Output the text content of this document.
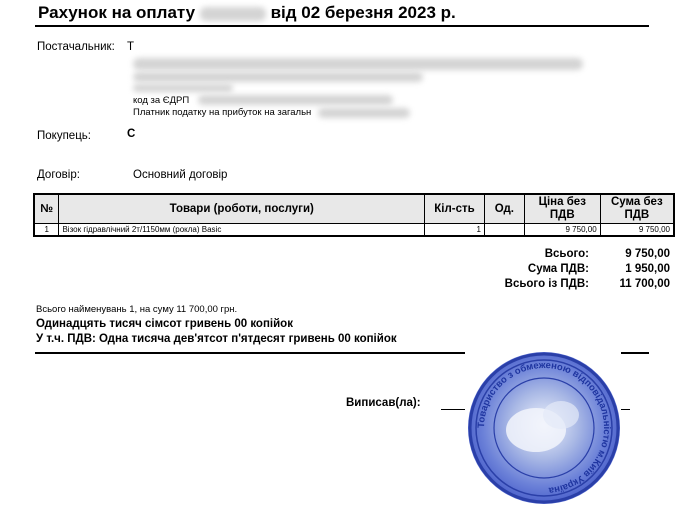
Рахунок на оплату	від 02 березня 2023 р.
Постачальник: Т
код за ЄДРП
Платник податку на прибуток на загальн
Покупець:	С
Договір:	Основний договір
№	Товари (роботи, послуги)	Кіл-сть	Од.	Ціна без ПДВ	Сума без ПДВ
1	Візок гідравлічний 2т/1150мм (рокла) Basic	1		9 750,00	9 750,00
Всього:	9 750,00
Сума ПДВ:	1 950,00
Всього із ПДВ:	11 700,00
Всього найменувань 1, на суму 11 700,00 грн.
Одинадцять тисяч сімсот гривень 00 копійок
У т.ч. ПДВ: Одна тисяча дев'ятсот п'ятдесят гривень 00 копійок
Виписав(ла):
Товариство з обмеженою відповідальністю м.Київ Україна
